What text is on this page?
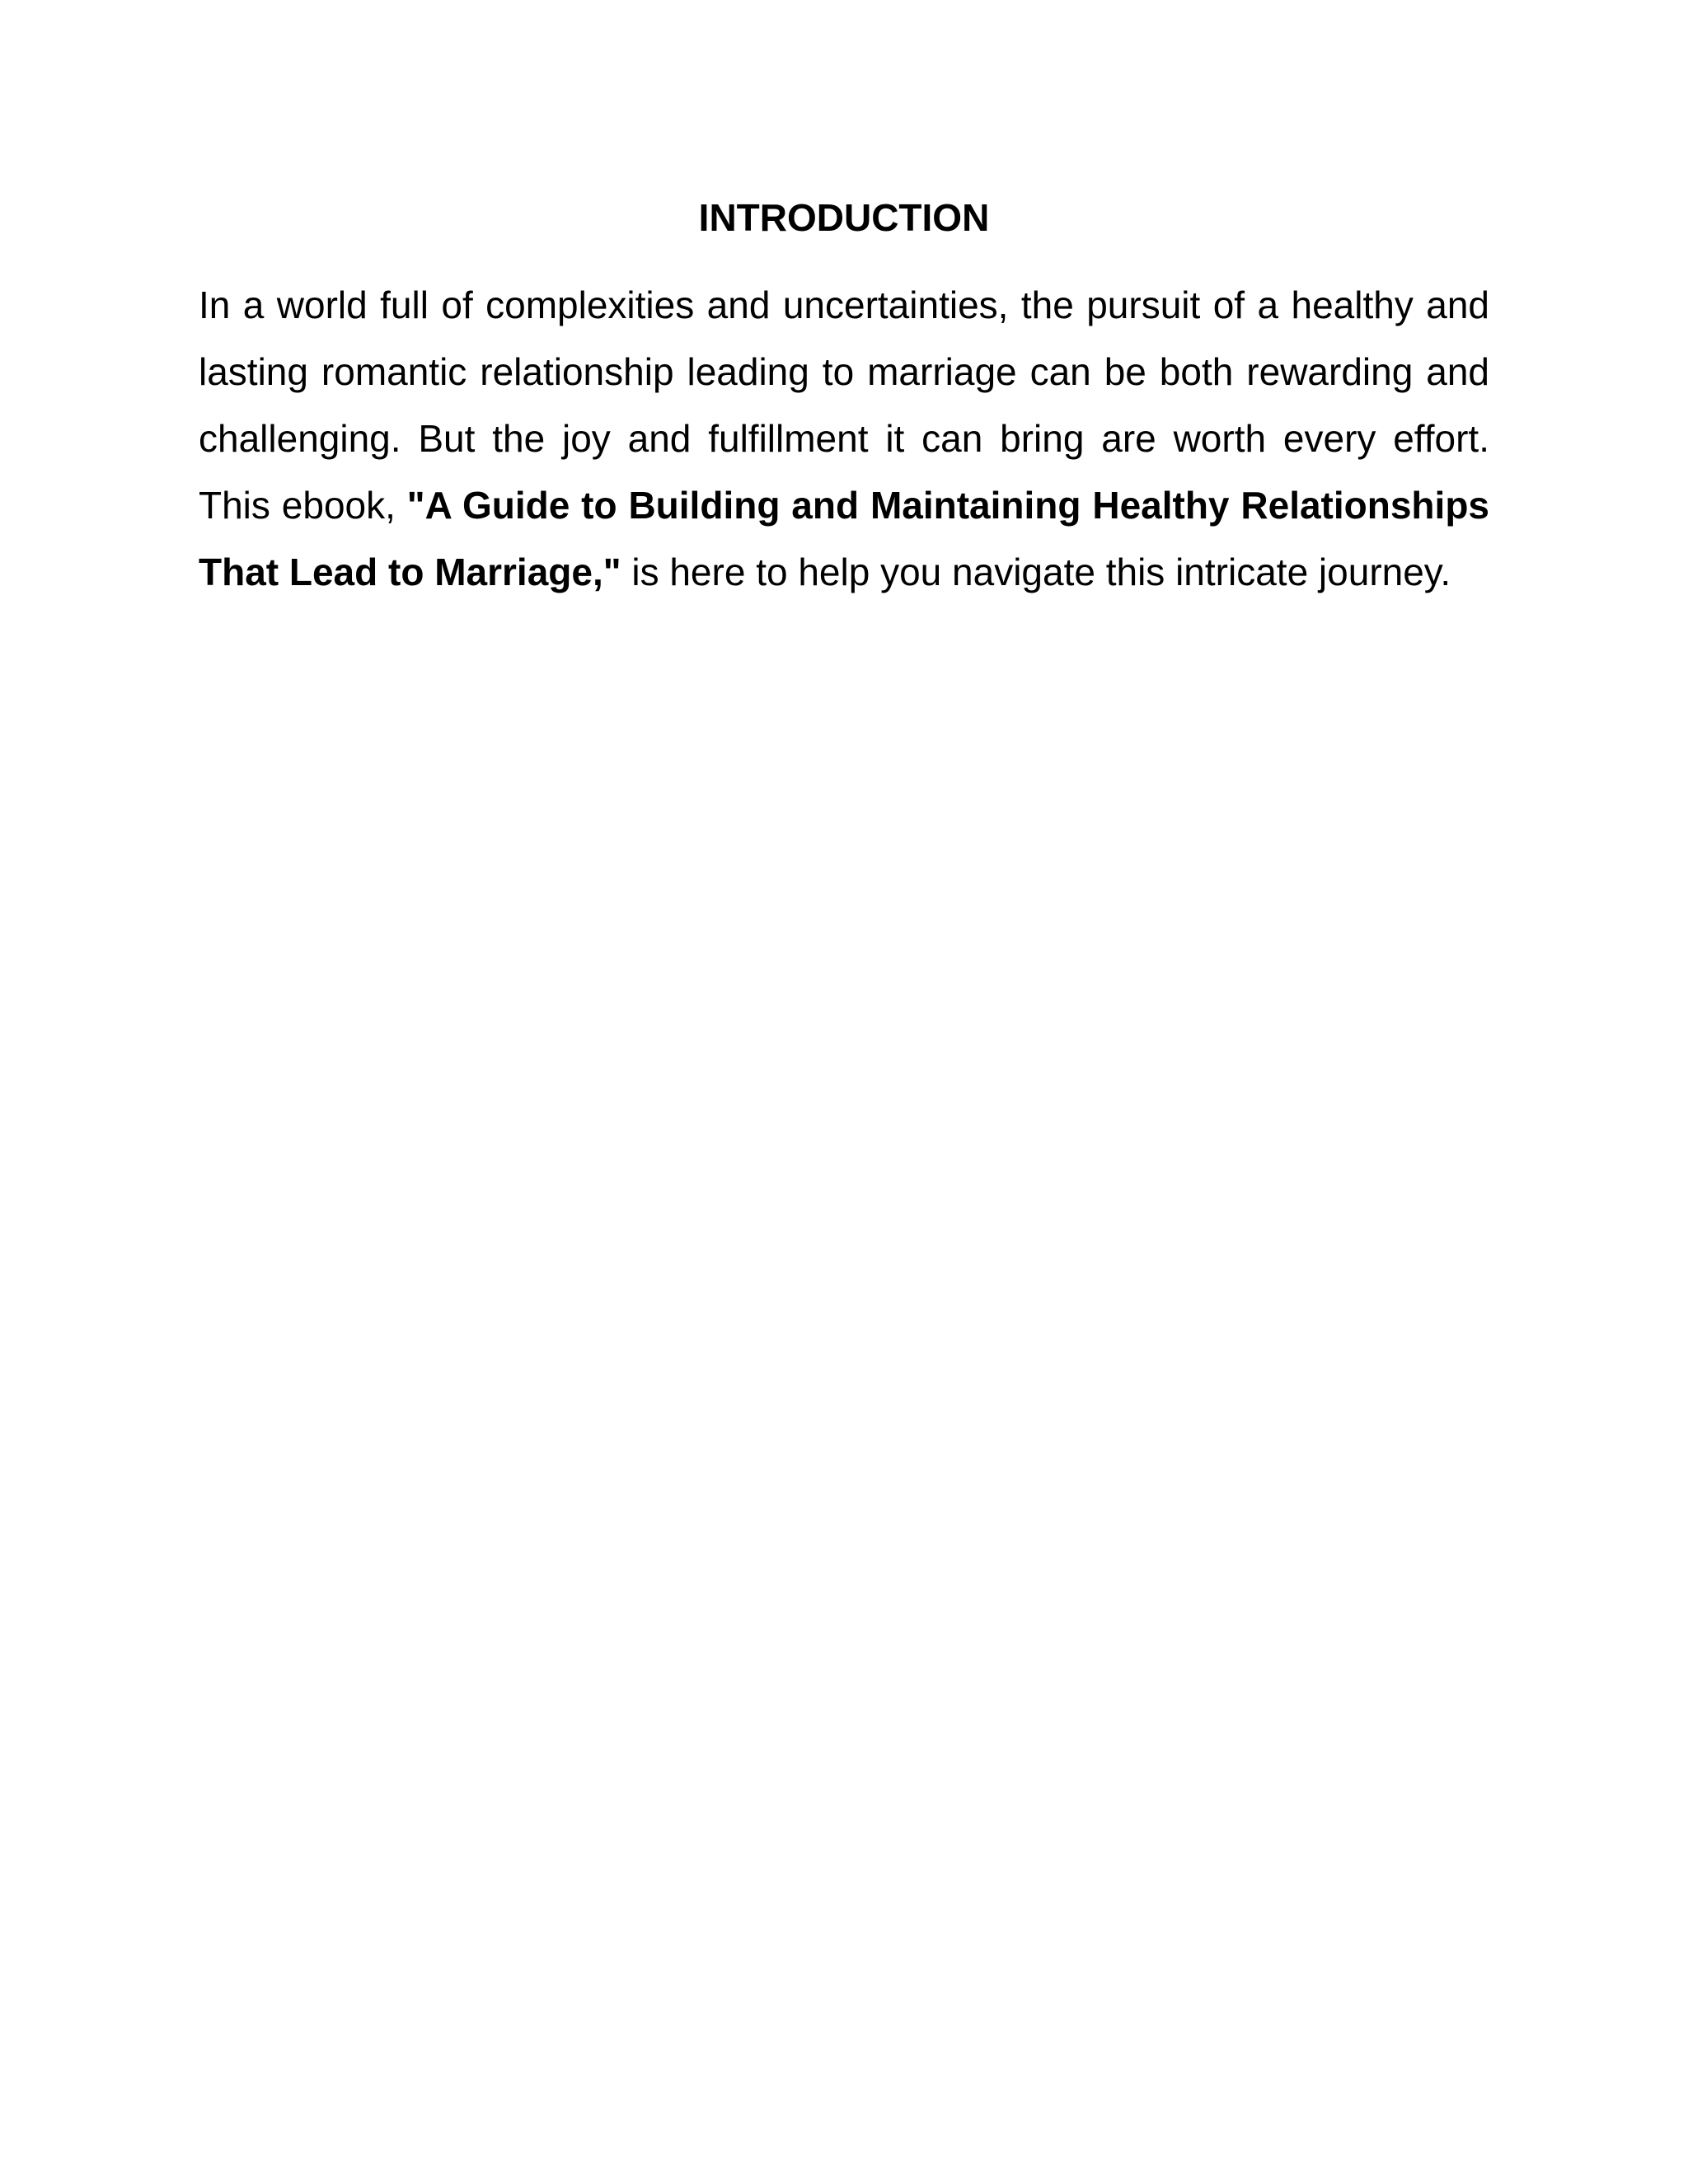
INTRODUCTION

In a world full of complexities and uncertainties, the pursuit of a healthy and lasting romantic relationship leading to marriage can be both rewarding and challenging. But the joy and fulfillment it can bring are worth every effort. This ebook, "A Guide to Building and Maintaining Healthy Relationships That Lead to Marriage," is here to help you navigate this intricate journey.
